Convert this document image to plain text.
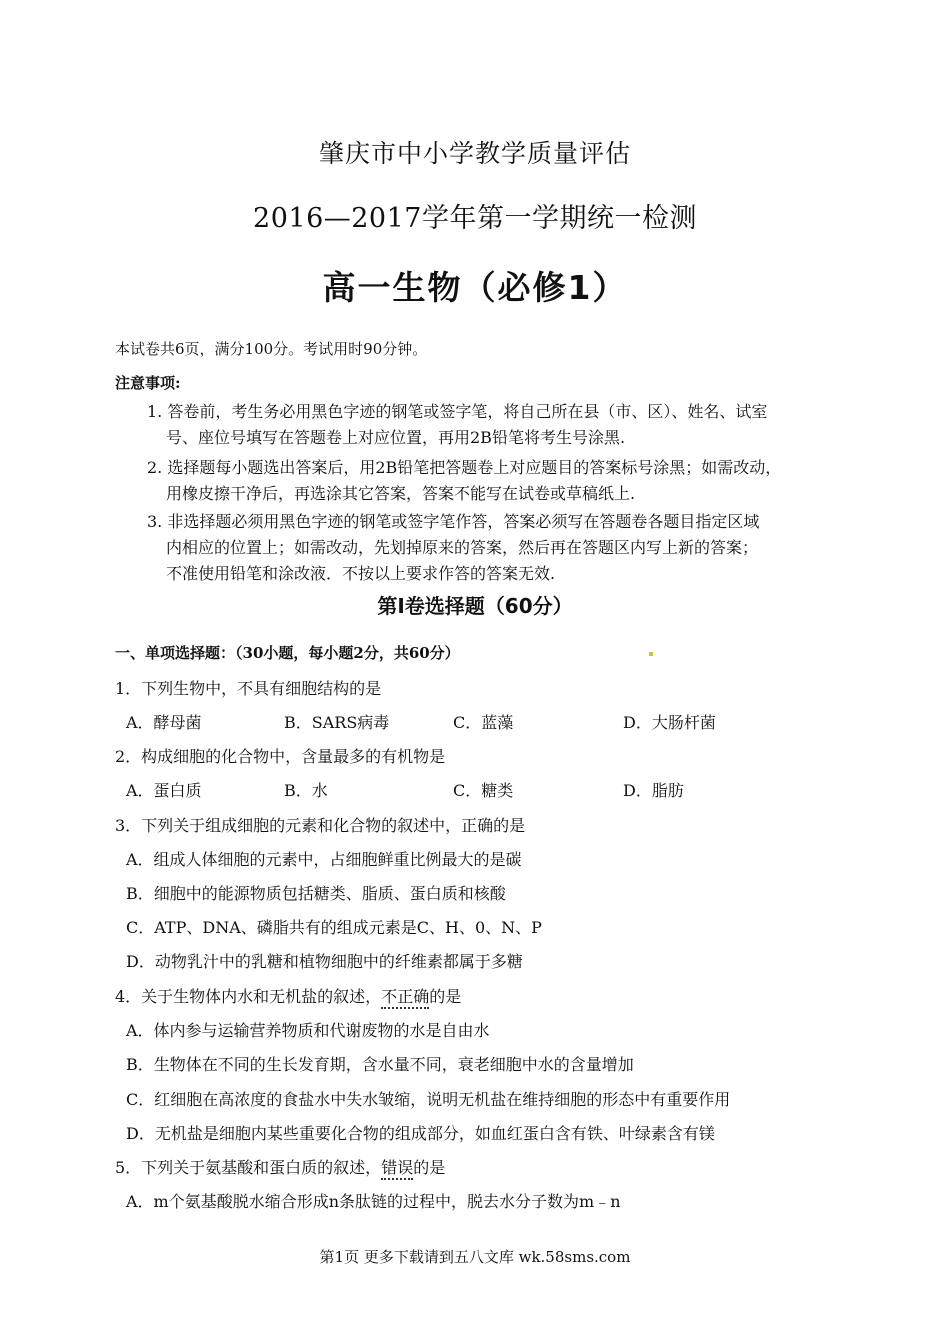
肇庆市中小学教学质量评估
2016—2017学年第一学期统一检测
高一生物（必修1）
本试卷共6页，满分100分。考试用时90分钟。
注意事项:
1. 答卷前，考生务必用黑色字迹的钢笔或签字笔，将自己所在县（市、区）、姓名、试室
号、座位号填写在答题卷上对应位置，再用2B铅笔将考生号涂黑.
2. 选择题每小题选出答案后，用2B铅笔把答题卷上对应题目的答案标号涂黑；如需改动，
用橡皮擦干净后，再选涂其它答案，答案不能写在试卷或草稿纸上.
3. 非选择题必须用黑色字迹的钢笔或签字笔作答，答案必须写在答题卷各题目指定区域
内相应的位置上；如需改动，先划掉原来的答案，然后再在答题区内写上新的答案；
不准使用铅笔和涂改液．不按以上要求作答的答案无效.
第Ⅰ卷选择题（60分）
一、单项选择题：（30小题，每小题2分，共60分）
1．下列生物中，不具有细胞结构的是
A．酵母菌	B．SARS病毒	C．蓝藻	D．大肠杆菌
2．构成细胞的化合物中，含量最多的有机物是
A．蛋白质	B．水	C．糖类	D．脂肪
3．下列关于组成细胞的元素和化合物的叙述中，正确的是
A．组成人体细胞的元素中，占细胞鲜重比例最大的是碳
B．细胞中的能源物质包括糖类、脂质、蛋白质和核酸
C．ATP、DNA、磷脂共有的组成元素是C、H、0、N、P
D．动物乳汁中的乳糖和植物细胞中的纤维素都属于多糖
4．关于生物体内水和无机盐的叙述，不正确的是
A．体内参与运输营养物质和代谢废物的水是自由水
B．生物体在不同的生长发育期，含水量不同，衰老细胞中水的含量增加
C．红细胞在高浓度的食盐水中失水皱缩，说明无机盐在维持细胞的形态中有重要作用
D．无机盐是细胞内某些重要化合物的组成部分，如血红蛋白含有铁、叶绿素含有镁
5．下列关于氨基酸和蛋白质的叙述，错误的是
A．m个氨基酸脱水缩合形成n条肽链的过程中，脱去水分子数为m﹣n
第1页 更多下载请到五八文库 wk.58sms.com
